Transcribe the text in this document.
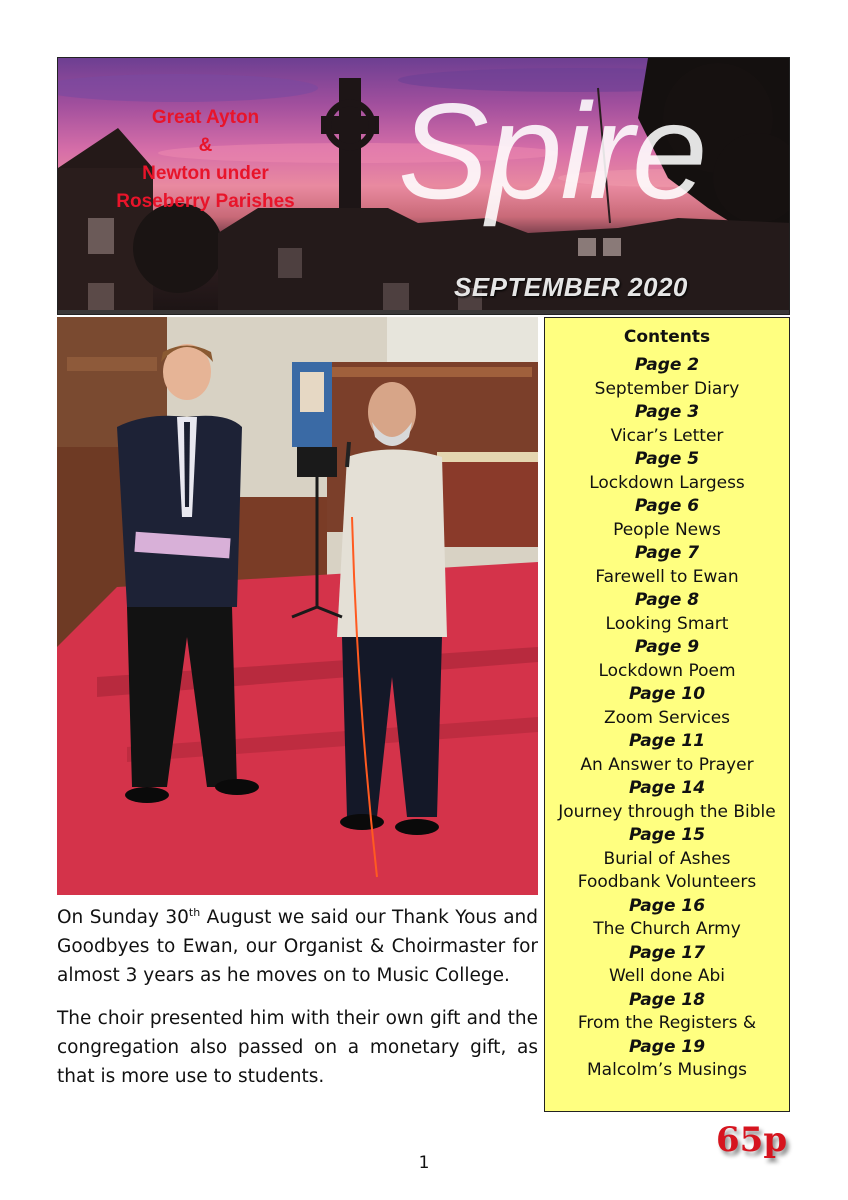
Great Ayton
&
Newton under
Roseberry Parishes Spire
SEPTEMBER 2020
Contents
Page 2
September Diary
Page 3
Vicar’s Letter
Page 5
Lockdown Largess
Page 6
People News
Page 7
Farewell to Ewan
Page 8
Looking Smart
Page 9
Lockdown Poem
Page 10
Zoom Services
Page 11
An Answer to Prayer
Page 14
Journey through the Bible
Page 15
Burial of Ashes
Foodbank Volunteers
Page 16
The Church Army
Page 17
Well done Abi
Page 18
From the Registers &
Page 19
Malcolm’s Musings

On Sunday 30th August we said our Thank Yous and Goodbyes to Ewan, our Organist & Choirmaster for almost 3 years as he moves on to Music College.

The choir presented him with their own gift and the congregation also passed on a monetary gift, as that is more use to students.

65p
1
